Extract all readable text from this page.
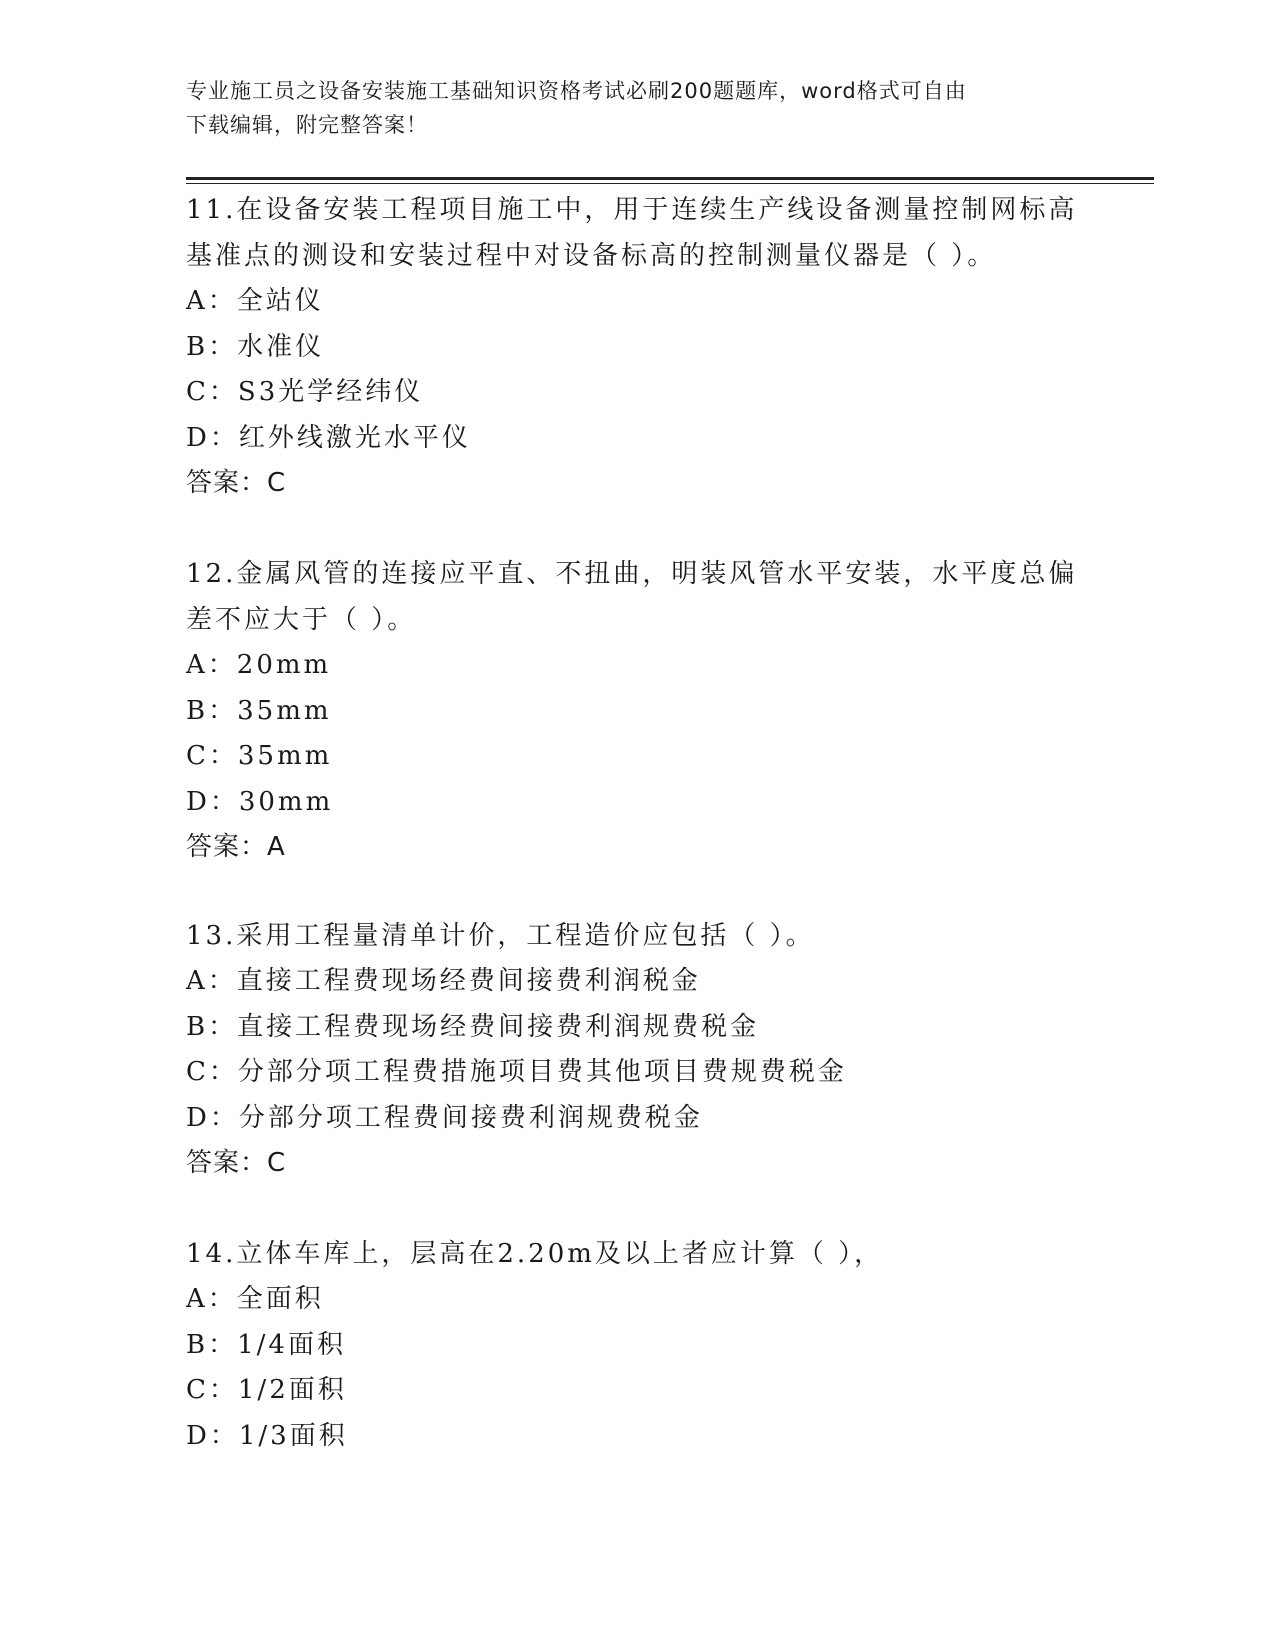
专业施工员之设备安装施工基础知识资格考试必刷200题题库，word格式可自由
下载编辑，附完整答案！
11.在设备安装工程项目施工中，用于连续生产线设备测量控制网标高
基准点的测设和安装过程中对设备标高的控制测量仪器是（ ）。
A：全站仪
B：水准仪
C：S3光学经纬仪
D：红外线激光水平仪
答案：C
12.金属风管的连接应平直、不扭曲，明装风管水平安装，水平度总偏
差不应大于（ ）。
A：20mm
B：35mm
C：35mm
D：30mm
答案：A
13.采用工程量清单计价，工程造价应包括（ ）。
A：直接工程费现场经费间接费利润税金
B：直接工程费现场经费间接费利润规费税金
C：分部分项工程费措施项目费其他项目费规费税金
D：分部分项工程费间接费利润规费税金
答案：C
14.立体车库上，层高在2.20m及以上者应计算（ ），
A：全面积
B：1/4面积
C：1/2面积
D：1/3面积
